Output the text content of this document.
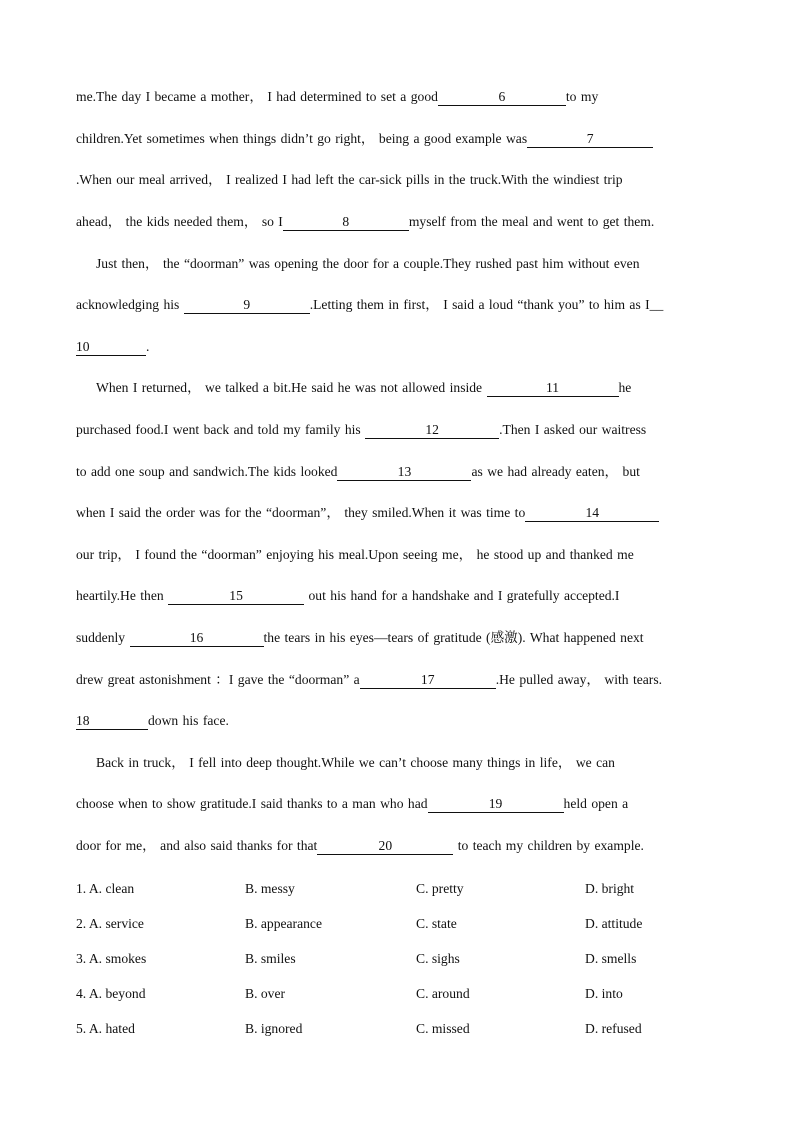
me.The day I became a mother， I had determined to set a good	6	to my
children.Yet sometimes when things didn’t go right， being a good example was	7
.When our meal arrived， I realized I had left the car-sick pills in the truck.With the windiest trip
ahead， the kids needed them， so I	8	myself from the meal and went to get them.
Just then， the “doorman” was opening the door for a couple.They rushed past him without even
acknowledging his	9	.Letting them in first， I said a loud “thank you” to him as I__
10	.
When I returned， we talked a bit.He said he was not allowed inside	11	he
purchased food.I went back and told my family his	12	.Then I asked our waitress
to add one soup and sandwich.The kids looked	13	as we had already eaten， but
when I said the order was for the “doorman”， they smiled.When it was time to	14
our trip， I found the “doorman” enjoying his meal.Upon seeing me， he stood up and thanked me
heartily.He then	15	out his hand for a handshake and I gratefully accepted.I
suddenly	16	the tears in his eyes—tears of gratitude (感激). What happened next
drew great astonishment ：I gave the “doorman” a	17	.He pulled away， with tears.
18	down his face.
Back in truck， I fell into deep thought.While we can’t choose many things in life， we can
choose when to show gratitude.I said thanks to a man who had	19	held open a
door for me， and also said thanks for that	20	to teach my children by example.
1. A. clean	B. messy	C. pretty	D. bright
2. A. service	B. appearance	C. state	D. attitude
3. A. smokes	B. smiles	C. sighs	D. smells
4. A. beyond	B. over	C. around	D. into
5. A. hated	B. ignored	C. missed	D. refused
